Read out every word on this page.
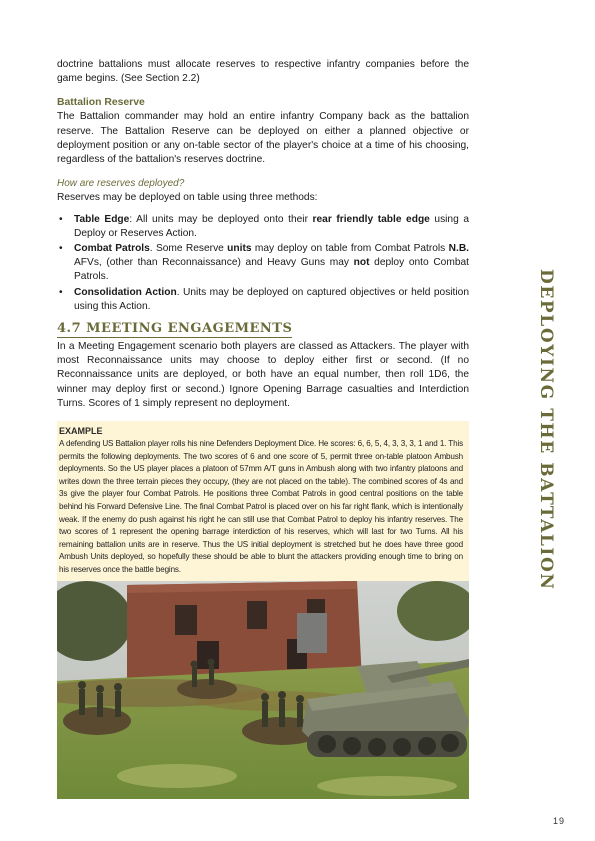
doctrine battalions must allocate reserves to respective infantry companies before the game begins. (See Section 2.2)

Battalion Reserve

The Battalion commander may hold an entire infantry Company back as the battalion reserve. The Battalion Reserve can be deployed on either a planned objective or deployment position or any on-table sector of the player's choice at a time of his choosing, regardless of the battalion's reserves doctrine.

How are reserves deployed?

Reserves may be deployed on table using three methods:

• Table Edge: All units may be deployed onto their rear friendly table edge using a Deploy or Reserves Action.
• Combat Patrols. Some Reserve units may deploy on table from Combat Patrols N.B. AFVs, (other than Reconnaissance) and Heavy Guns may not deploy onto Combat Patrols.
• Consolidation Action. Units may be deployed on captured objectives or held position using this Action.
4.7 MEETING ENGAGEMENTS

In a Meeting Engagement scenario both players are classed as Attackers. The player with most Reconnaissance units may choose to deploy either first or second. (If no Reconnaissance units are deployed, or both have an equal number, then roll 1D6, the winner may deploy first or second.) Ignore Opening Barrage casualties and Interdiction Turns. Scores of 1 simply represent no deployment.

EXAMPLE
A defending US Battalion player rolls his nine Defenders Deployment Dice. He scores: 6, 6, 5, 4, 3, 3, 3, 1 and 1. This permits the following deployments. The two scores of 6 and one score of 5, permit three on-table platoon Ambush deployments. So the US player places a platoon of 57mm A/T guns in Ambush along with two infantry platoons and writes down the three terrain pieces they occupy, (they are not placed on the table). The combined scores of 4s and 3s give the player four Combat Patrols. He positions three Combat Patrols in good central positions on the table behind his Forward Defensive Line. The final Combat Patrol is placed over on his far right flank, which is intentionally weak. If the enemy do push against his right he can still use that Combat Patrol to deploy his infantry reserves. The two scores of 1 represent the opening barrage interdiction of his reserves, which will last for two Turns. All his remaining battalion units are in reserve. Thus the US initial deployment is stretched but he does have three good Ambush Units deployed, so hopefully these should be able to blunt the attackers providing enough time to bring on his reserves once the battle begins.	DEPLOYING THE BATTALION
19
